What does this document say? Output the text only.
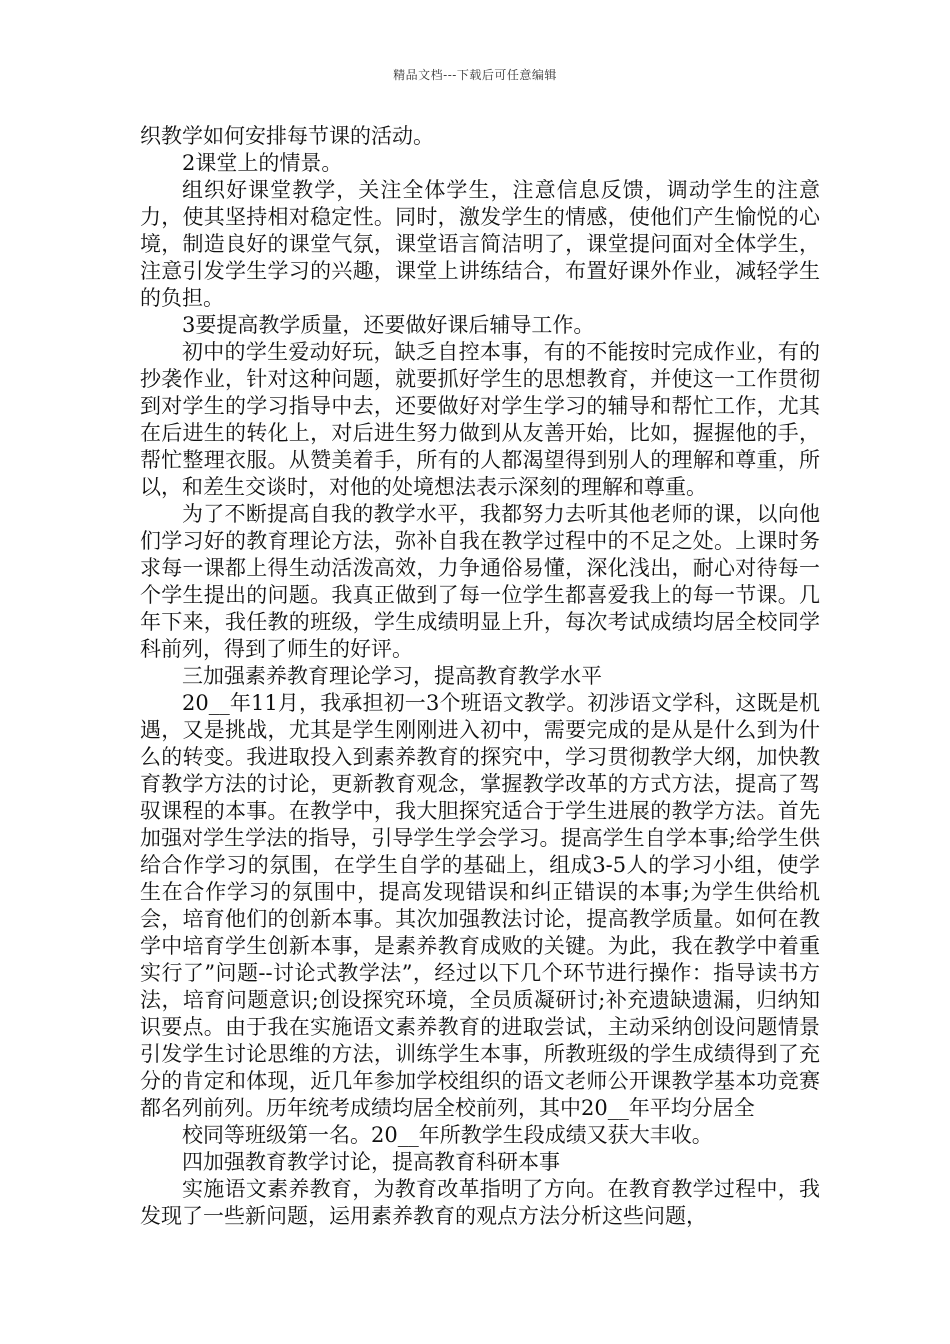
精品文档---下载后可任意编辑

织教学如何安排每节课的活动。

2课堂上的情景。

组织好课堂教学，关注全体学生，注意信息反馈，调动学生的注意力，使其坚持相对稳定性。同时，激发学生的情感，使他们产生愉悦的心境，制造良好的课堂气氛，课堂语言简洁明了，课堂提问面对全体学生，注意引发学生学习的兴趣，课堂上讲练结合，布置好课外作业，减轻学生的负担。

3要提高教学质量，还要做好课后辅导工作。

初中的学生爱动好玩，缺乏自控本事，有的不能按时完成作业，有的抄袭作业，针对这种问题，就要抓好学生的思想教育，并使这一工作贯彻到对学生的学习指导中去，还要做好对学生学习的辅导和帮忙工作，尤其在后进生的转化上，对后进生努力做到从友善开始，比如，握握他的手，帮忙整理衣服。从赞美着手，所有的人都渴望得到别人的理解和尊重，所以，和差生交谈时，对他的处境想法表示深刻的理解和尊重。

为了不断提高自我的教学水平，我都努力去听其他老师的课，以向他们学习好的教育理论方法，弥补自我在教学过程中的不足之处。上课时务求每一课都上得生动活泼高效，力争通俗易懂，深化浅出，耐心对待每一个学生提出的问题。我真正做到了每一位学生都喜爱我上的每一节课。几年下来，我任教的班级，学生成绩明显上升，每次考试成绩均居全校同学科前列，得到了师生的好评。

三加强素养教育理论学习，提高教育教学水平

20__年11月，我承担初一3个班语文教学。初涉语文学科，这既是机遇，又是挑战，尤其是学生刚刚进入初中，需要完成的是从是什么到为什么的转变。我进取投入到素养教育的探究中，学习贯彻教学大纲，加快教育教学方法的讨论，更新教育观念，掌握教学改革的方式方法，提高了驾驭课程的本事。在教学中，我大胆探究适合于学生进展的教学方法。首先加强对学生学法的指导，引导学生学会学习。提高学生自学本事;给学生供给合作学习的氛围，在学生自学的基础上，组成3-5人的学习小组，使学生在合作学习的氛围中，提高发现错误和纠正错误的本事;为学生供给机会，培育他们的创新本事。其次加强教法讨论，提高教学质量。如何在教学中培育学生创新本事，是素养教育成败的关键。为此，我在教学中着重实行了”问题--讨论式教学法”，经过以下几个环节进行操作：指导读书方法，培育问题意识;创设探究环境，全员质凝研讨;补充遗缺遗漏，归纳知识要点。由于我在实施语文素养教育的进取尝试，主动采纳创设问题情景引发学生讨论思维的方法，训练学生本事，所教班级的学生成绩得到了充分的肯定和体现，近几年参加学校组织的语文老师公开课教学基本功竞赛都名列前列。历年统考成绩均居全校前列，其中20__年平均分居全

校同等班级第一名。20__年所教学生段成绩又获大丰收。

四加强教育教学讨论，提高教育科研本事

实施语文素养教育，为教育改革指明了方向。在教育教学过程中，我发现了一些新问题，运用素养教育的观点方法分析这些问题，
